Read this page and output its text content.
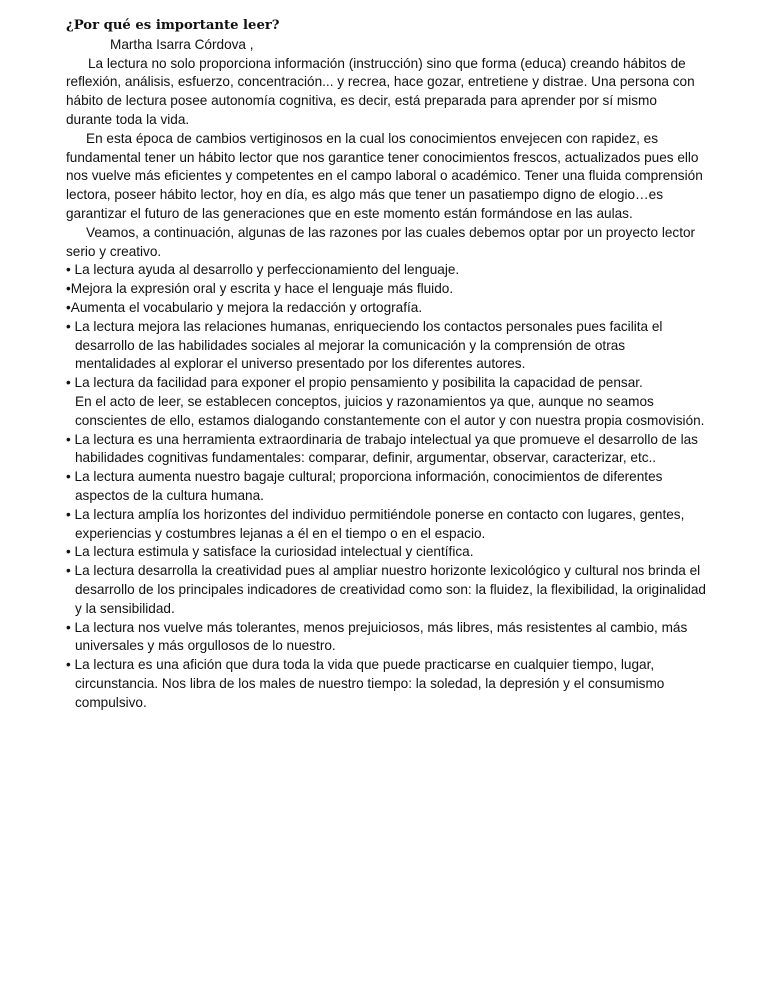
¿Por qué es importante leer?

Martha Isarra Córdova ,

La lectura no solo proporciona información (instrucción) sino que forma (educa) creando hábitos de reflexión, análisis, esfuerzo, concentración... y recrea, hace gozar, entretiene y distrae. Una persona con hábito de lectura posee autonomía cognitiva, es decir, está preparada para aprender por sí mismo durante toda la vida.

En esta época de cambios vertiginosos en la cual los conocimientos envejecen con rapidez, es fundamental tener un hábito lector que nos garantice tener conocimientos frescos, actualizados pues ello nos vuelve más eficientes y competentes en el campo laboral o académico. Tener una fluida comprensión lectora, poseer hábito lector, hoy en día, es algo más que tener un pasatiempo digno de elogio…es garantizar el futuro de las generaciones que en este momento están formándose en las aulas.

Veamos, a continuación, algunas de las razones por las cuales debemos optar por un proyecto lector serio y creativo.

• La lectura ayuda al desarrollo y perfeccionamiento del lenguaje.
•Mejora la expresión oral y escrita y hace el lenguaje más fluido.
•Aumenta el vocabulario y mejora la redacción y ortografía.
• La lectura mejora las relaciones humanas, enriqueciendo los contactos personales pues facilita el desarrollo de las habilidades sociales al mejorar la comunicación y la comprensión de otras mentalidades al explorar el universo presentado por los diferentes autores.
• La lectura da facilidad para exponer el propio pensamiento y posibilita la capacidad de pensar.
En el acto de leer, se establecen conceptos, juicios y razonamientos ya que, aunque no seamos conscientes de ello, estamos dialogando constantemente con el autor y con nuestra propia cosmovisión.
• La lectura es una herramienta extraordinaria de trabajo intelectual ya que promueve el desarrollo de las habilidades cognitivas fundamentales: comparar, definir, argumentar, observar, caracterizar, etc..
• La lectura aumenta nuestro bagaje cultural; proporciona información, conocimientos de diferentes aspectos de la cultura humana.
• La lectura amplía los horizontes del individuo permitiéndole ponerse en contacto con lugares, gentes, experiencias y costumbres lejanas a él en el tiempo o en el espacio.
• La lectura estimula y satisface la curiosidad intelectual y científica.
• La lectura desarrolla la creatividad pues al ampliar nuestro horizonte lexicológico y cultural nos brinda el desarrollo de los principales indicadores de creatividad como son: la fluidez, la flexibilidad, la originalidad y la sensibilidad.
• La lectura nos vuelve más tolerantes, menos prejuiciosos, más libres, más resistentes al cambio, más universales y más orgullosos de lo nuestro.
• La lectura es una afición que dura toda la vida que puede practicarse en cualquier tiempo, lugar, circunstancia. Nos libra de los males de nuestro tiempo: la soledad, la depresión y el consumismo compulsivo.
